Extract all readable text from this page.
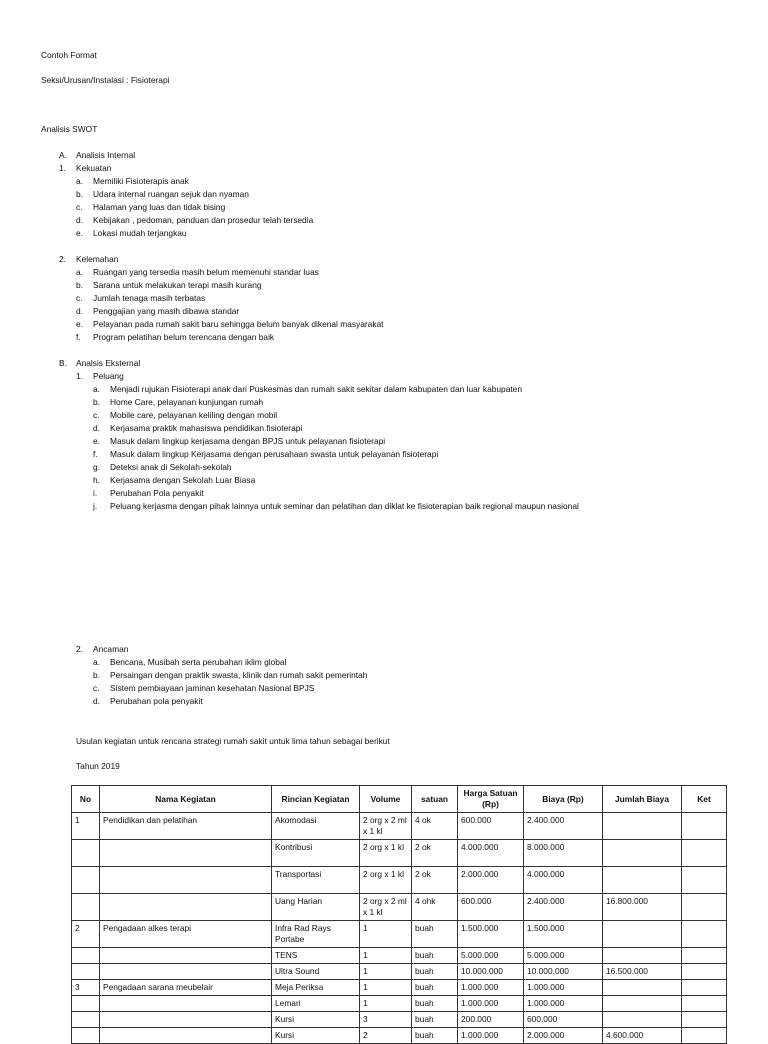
Contoh Format
Seksi/Urusan/Instalasi : Fisioterapi
Analisis SWOT
A. Analisis Internal
1. Kekuatan
a. Memiliki Fisioterapis anak
b. Udara internal ruangan sejuk dan nyaman
c. Halaman yang luas dan tidak bising
d. Kebijakan , pedoman, panduan dan prosedur telah tersedia
e. Lokasi mudah terjangkau
2. Kelemahan
a. Ruangan yang tersedia masih belum memenuhi standar luas
b. Sarana untuk melakukan terapi masih kurang
c. Jumlah tenaga masih terbatas
d. Penggajian yang masih dibawa standar
e. Pelayanan pada rumah sakit baru sehingga belum banyak dikenal masyarakat
f. Program pelatihan belum terencana dengan baik
B. Analsis Eksternal
1. Peluang
a. Menjadi rujukan Fisioterapi anak dari Puskesmas dan rumah sakit sekitar dalam kabupaten dan luar kabupaten
b. Home Care, pelayanan kunjungan rumah
c. Mobile care, pelayanan keliling dengan mobil
d. Kerjasama praktik mahasiswa pendidikan fisioterapi
e. Masuk dalam lingkup kerjasama dengan BPJS untuk pelayanan fisioterapi
f. Masuk dalam lingkup Kerjasama dengan perusahaan swasta untuk pelayanan fisioterapi
g. Deteksi anak di Sekolah-sekolah
h. Kerjasama dengan Sekolah Luar Biasa
i. Perubahan Pola penyakit
j. Peluang kerjasma dengan pihak lainnya untuk seminar dan pelatihan dan diklat ke fisioterapian baik regional maupun nasional
2. Ancaman
a. Bencana, Musibah serta perubahan iklim global
b. Persaingan dengan praktik swasta, klinik dan rumah sakit pemerintah
c. Sistem pembiayaan jaminan kesehatan Nasional BPJS
d. Perubahan pola penyakit
Usulan kegiatan untuk rencana strategi rumah sakit untuk lima tahun sebagai berikut
Tahun 2019
No	Nama Kegiatan	Rincian Kegiatan	Volume	satuan	Harga Satuan (Rp)	Biaya (Rp)	Jumlah Biaya	Ket
1	Pendidikan dan pelatihan	Akomodasi	2 org x 2 ml x 1 kl	4 ok	600.000	2.400.000		
		Kontribusi	2 org x 1 kl	2 ok	4.000.000	8.000.000		
		Transportasi	2 org x 1 kl	2 ok	2.000.000	4.000.000		
		Uang Harian	2 org x 2 ml x 1 kl	4 ohk	600.000	2.400.000	16.800.000	
2	Pengadaan alkes terapi	Infra Rad Rays Portabe	1	buah	1.500.000	1.500.000		
		TENS	1	buah	5.000.000	5.000.000		
		Ultra Sound	1	buah	10.000.000	10.000.000	16.500.000	
3	Pengadaan sarana meubelair	Meja Periksa	1	buah	1.000.000	1.000.000		
		Lemari	1	buah	1.000.000	1.000.000		
		Kursi	3	buah	200.000	600.000		
		Kursi	2	buah	1.000.000	2.000.000	4.600.000	
